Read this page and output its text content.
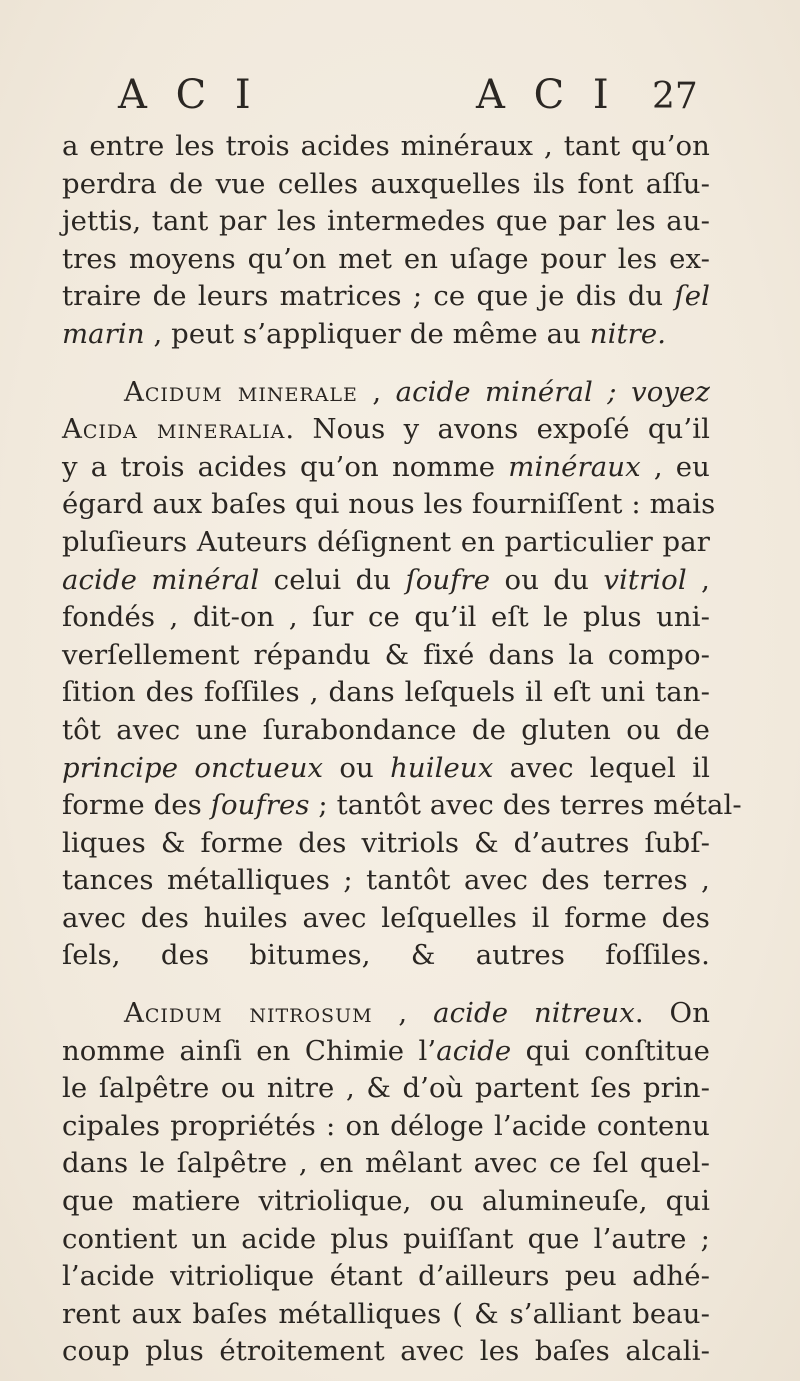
A C I	A C I 27
a entre les trois acides minéraux , tant qu’on
perdra de vue celles auxquelles ils font aſſu-
jettis, tant par les intermedes que par les au-
tres moyens qu’on met en uſage pour les ex-
traire de leurs matrices ; ce que je dis du ſel
marin , peut s’appliquer de même au nitre.
Acidum minerale , acide minéral ; voyez
Acida mineralia. Nous y avons expoſé qu’il
y a trois acides qu’on nomme minéraux , eu
égard aux baſes qui nous les fourniſſent : mais
pluſieurs Auteurs déſignent en particulier par
acide minéral celui du ſoufre ou du vitriol ,
fondés , dit-on , ſur ce qu’il eſt le plus uni-
verſellement répandu & fixé dans la compo-
ſition des foſſiles , dans leſquels il eſt uni tan-
tôt avec une ſurabondance de gluten ou de
principe onctueux ou huileux avec lequel il
forme des ſoufres ; tantôt avec des terres métal-
liques & forme des vitriols & d’autres ſubſ-
tances métalliques ; tantôt avec des terres ,
avec des huiles avec leſquelles il forme des
ſels, des bitumes, & autres foſſiles.
Acidum nitrosum , acide nitreux. On
nomme ainſi en Chimie l’acide qui conſtitue
le ſalpêtre ou nitre , & d’où partent ſes prin-
cipales propriétés : on déloge l’acide contenu
dans le ſalpêtre , en mêlant avec ce ſel quel-
que matiere vitriolique, ou alumineuſe, qui
contient un acide plus puiſſant que l’autre ;
l’acide vitriolique étant d’ailleurs peu adhé-
rent aux baſes métalliques ( & s’alliant beau-
coup plus étroitement avec les baſes alcali-
